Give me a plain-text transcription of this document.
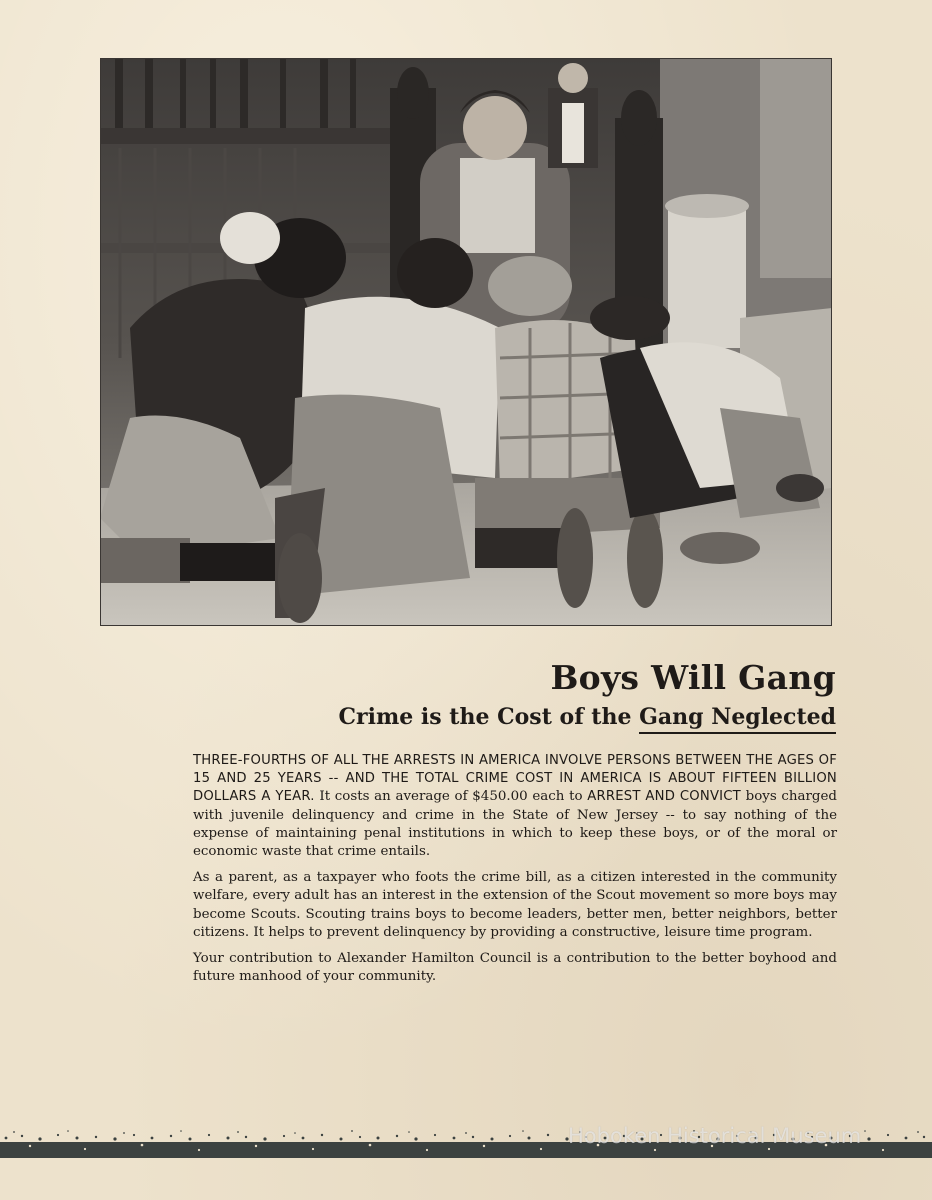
Boys Will Gang
Crime is the Cost of the Gang Neglected

THREE-FOURTHS OF ALL THE ARRESTS IN AMERICA INVOLVE PERSONS BETWEEN THE AGES OF 15 AND 25 YEARS -- AND THE TOTAL CRIME COST IN AMERICA IS ABOUT FIFTEEN BILLION DOLLARS A YEAR. It costs an average of $450.00 each to ARREST AND CONVICT boys charged with juvenile delinquency and crime in the State of New Jersey -- to say nothing of the expense of maintaining penal institutions in which to keep these boys, or of the moral or economic waste that crime entails.

As a parent, as a taxpayer who foots the crime bill, as a citizen interested in the community welfare, every adult has an interest in the extension of the Scout movement so more boys may become Scouts. Scouting trains boys to become leaders, better men, better neighbors, better citizens. It helps to prevent delinquency by providing a constructive, leisure time program.

Your contribution to Alexander Hamilton Council is a contribution to the better boyhood and future manhood of your community.

Hoboken Historical Museum
